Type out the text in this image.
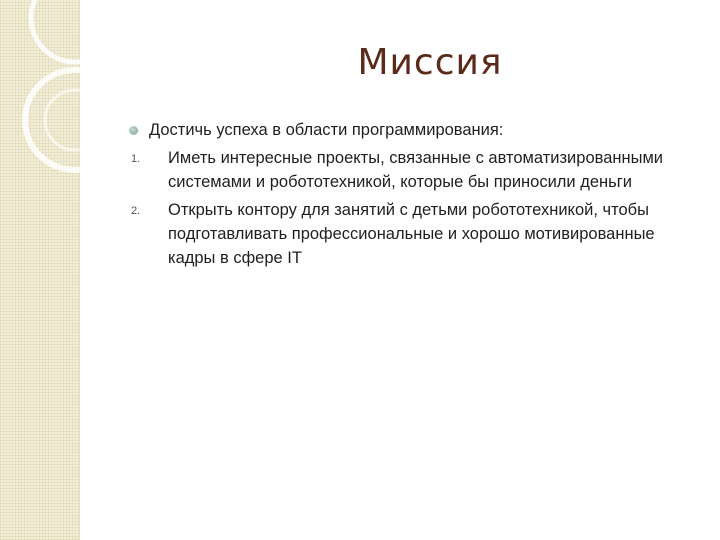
Миссия
Достичь успеха в области программирования:
1. Иметь интересные проекты, связанные с автоматизированными системами и робототехникой, которые бы приносили деньги
2. Открыть контору для занятий с детьми робототехникой, чтобы подготавливать профессиональные и хорошо мотивированные кадры в сфере IT
